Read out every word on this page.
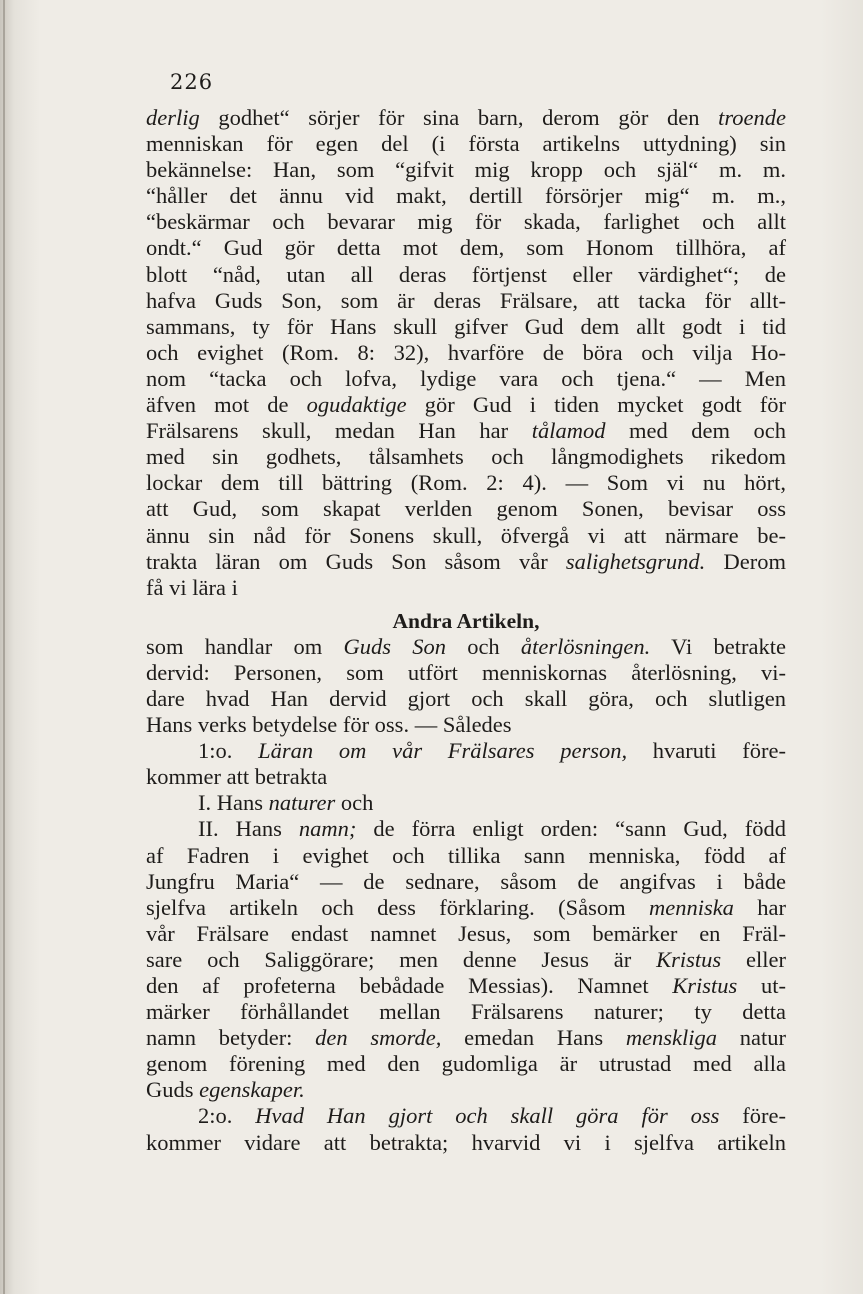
226
derlig godhet“ sörjer för sina barn, derom gör den troende
menniskan för egen del (i första artikelns uttydning) sin
bekännelse: Han, som “gifvit mig kropp och själ“ m. m.
“håller det ännu vid makt, dertill försörjer mig“ m. m.,
“beskärmar och bevarar mig för skada, farlighet och allt
ondt.“ Gud gör detta mot dem, som Honom tillhöra, af
blott “nåd, utan all deras förtjenst eller värdighet“; de
hafva Guds Son, som är deras Frälsare, att tacka för allt-
sammans, ty för Hans skull gifver Gud dem allt godt i tid
och evighet (Rom. 8: 32), hvarföre de böra och vilja Ho-
nom “tacka och lofva, lydige vara och tjena.“ — Men
äfven mot de ogudaktige gör Gud i tiden mycket godt för
Frälsarens skull, medan Han har tålamod med dem och
med sin godhets, tålsamhets och långmodighets rikedom
lockar dem till bättring (Rom. 2: 4). — Som vi nu hört,
att Gud, som skapat verlden genom Sonen, bevisar oss
ännu sin nåd för Sonens skull, öfvergå vi att närmare be-
trakta läran om Guds Son såsom vår salighetsgrund. Derom
få vi lära i
Andra Artikeln,
som handlar om Guds Son och återlösningen. Vi betrakte
dervid: Personen, som utfört menniskornas återlösning, vi-
dare hvad Han dervid gjort och skall göra, och slutligen
Hans verks betydelse för oss. — Således
1:o. Läran om vår Frälsares person, hvaruti före-
kommer att betrakta
I. Hans naturer och
II. Hans namn; de förra enligt orden: “sann Gud, född
af Fadren i evighet och tillika sann menniska, född af
Jungfru Maria“ — de sednare, såsom de angifvas i både
sjelfva artikeln och dess förklaring. (Såsom menniska har
vår Frälsare endast namnet Jesus, som bemärker en Fräl-
sare och Saliggörare; men denne Jesus är Kristus eller
den af profeterna bebådade Messias). Namnet Kristus ut-
märker förhållandet mellan Frälsarens naturer; ty detta
namn betyder: den smorde, emedan Hans menskliga natur
genom förening med den gudomliga är utrustad med alla
Guds egenskaper.
2:o. Hvad Han gjort och skall göra för oss före-
kommer vidare att betrakta; hvarvid vi i sjelfva artikeln
